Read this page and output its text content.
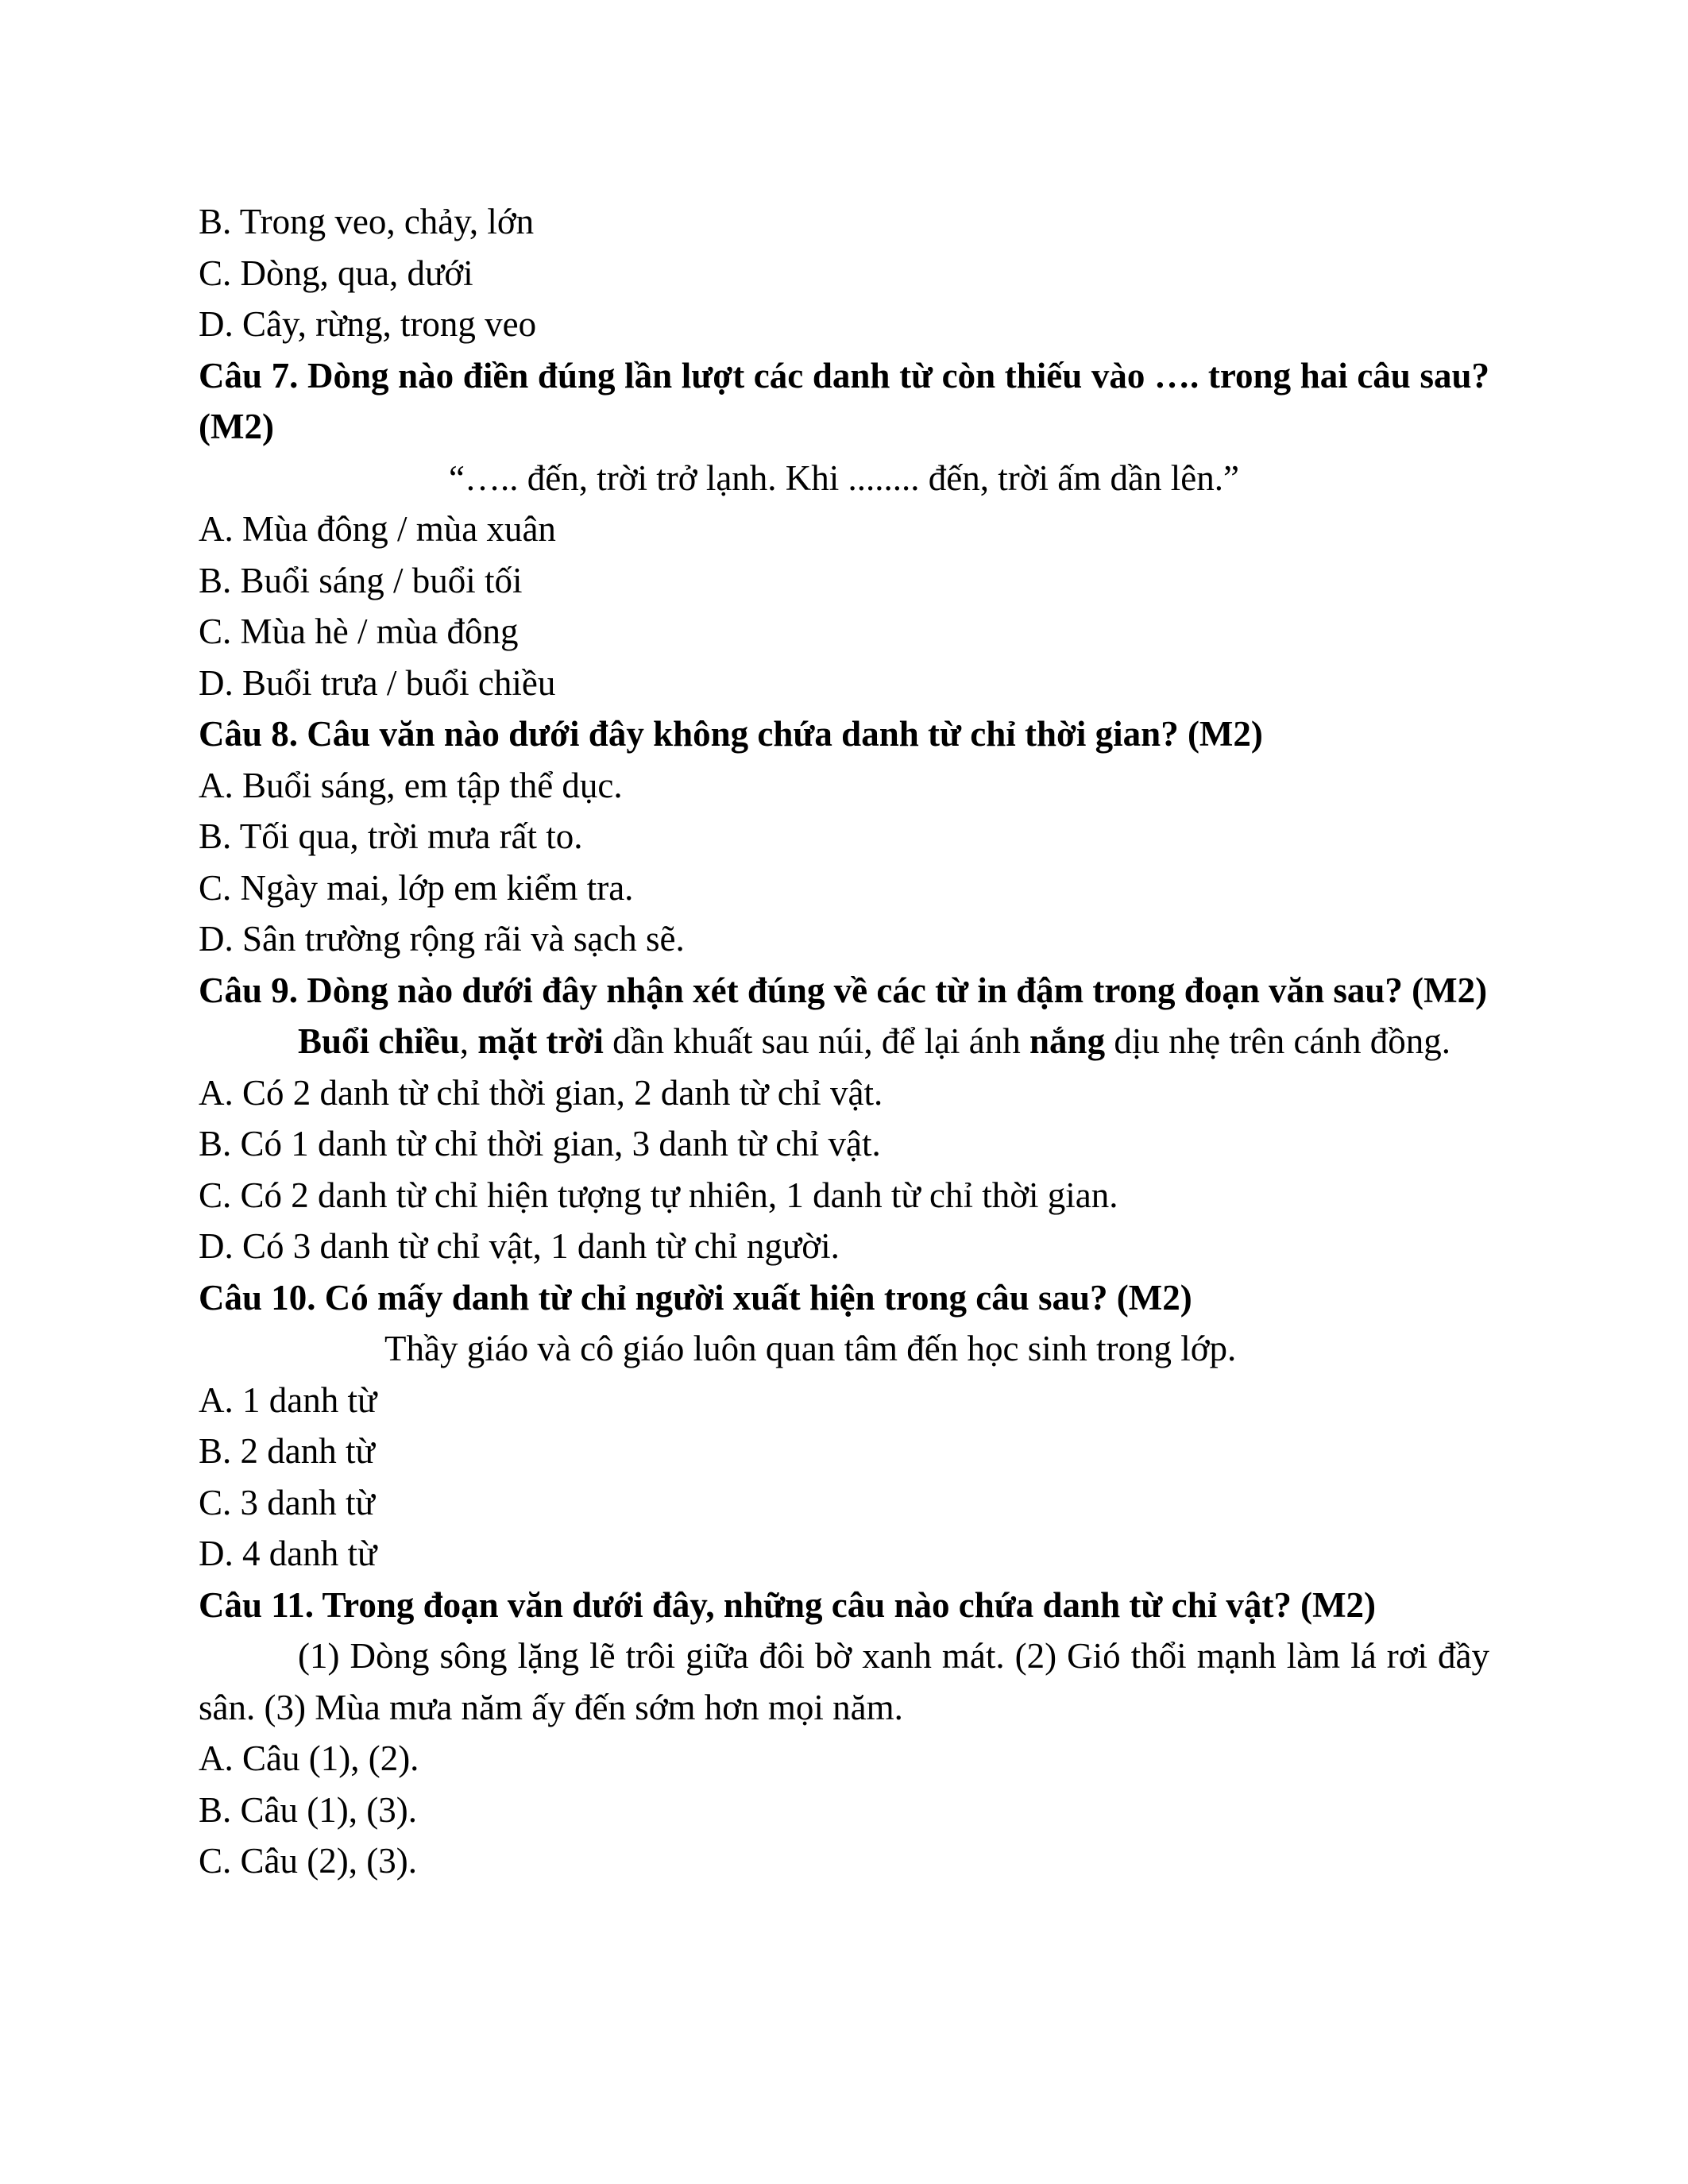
B. Trong veo, chảy, lớn
C. Dòng, qua, dưới
D. Cây, rừng, trong veo
Câu 7. Dòng nào điền đúng lần lượt các danh từ còn thiếu vào …. trong hai câu sau? (M2)
“….. đến, trời trở lạnh. Khi ........ đến, trời ấm dần lên.”
A. Mùa đông / mùa xuân
B. Buổi sáng / buổi tối
C. Mùa hè / mùa đông
D. Buổi trưa / buổi chiều
Câu 8. Câu văn nào dưới đây không chứa danh từ chỉ thời gian? (M2)
A. Buổi sáng, em tập thể dục.
B. Tối qua, trời mưa rất to.
C. Ngày mai, lớp em kiểm tra.
D. Sân trường rộng rãi và sạch sẽ.
Câu 9. Dòng nào dưới đây nhận xét đúng về các từ in đậm trong đoạn văn sau? (M2)
Buổi chiều, mặt trời dần khuất sau núi, để lại ánh nắng dịu nhẹ trên cánh đồng.
A. Có 2 danh từ chỉ thời gian, 2 danh từ chỉ vật.
B. Có 1 danh từ chỉ thời gian, 3 danh từ chỉ vật.
C. Có 2 danh từ chỉ hiện tượng tự nhiên, 1 danh từ chỉ thời gian.
D. Có 3 danh từ chỉ vật, 1 danh từ chỉ người.
Câu 10. Có mấy danh từ chỉ người xuất hiện trong câu sau? (M2)
Thầy giáo và cô giáo luôn quan tâm đến học sinh trong lớp.
A. 1 danh từ
B. 2 danh từ
C. 3 danh từ
D. 4 danh từ
Câu 11. Trong đoạn văn dưới đây, những câu nào chứa danh từ chỉ vật? (M2)
(1) Dòng sông lặng lẽ trôi giữa đôi bờ xanh mát. (2) Gió thổi mạnh làm lá rơi đầy sân. (3) Mùa mưa năm ấy đến sớm hơn mọi năm.
A. Câu (1), (2).
B. Câu (1), (3).
C. Câu (2), (3).
